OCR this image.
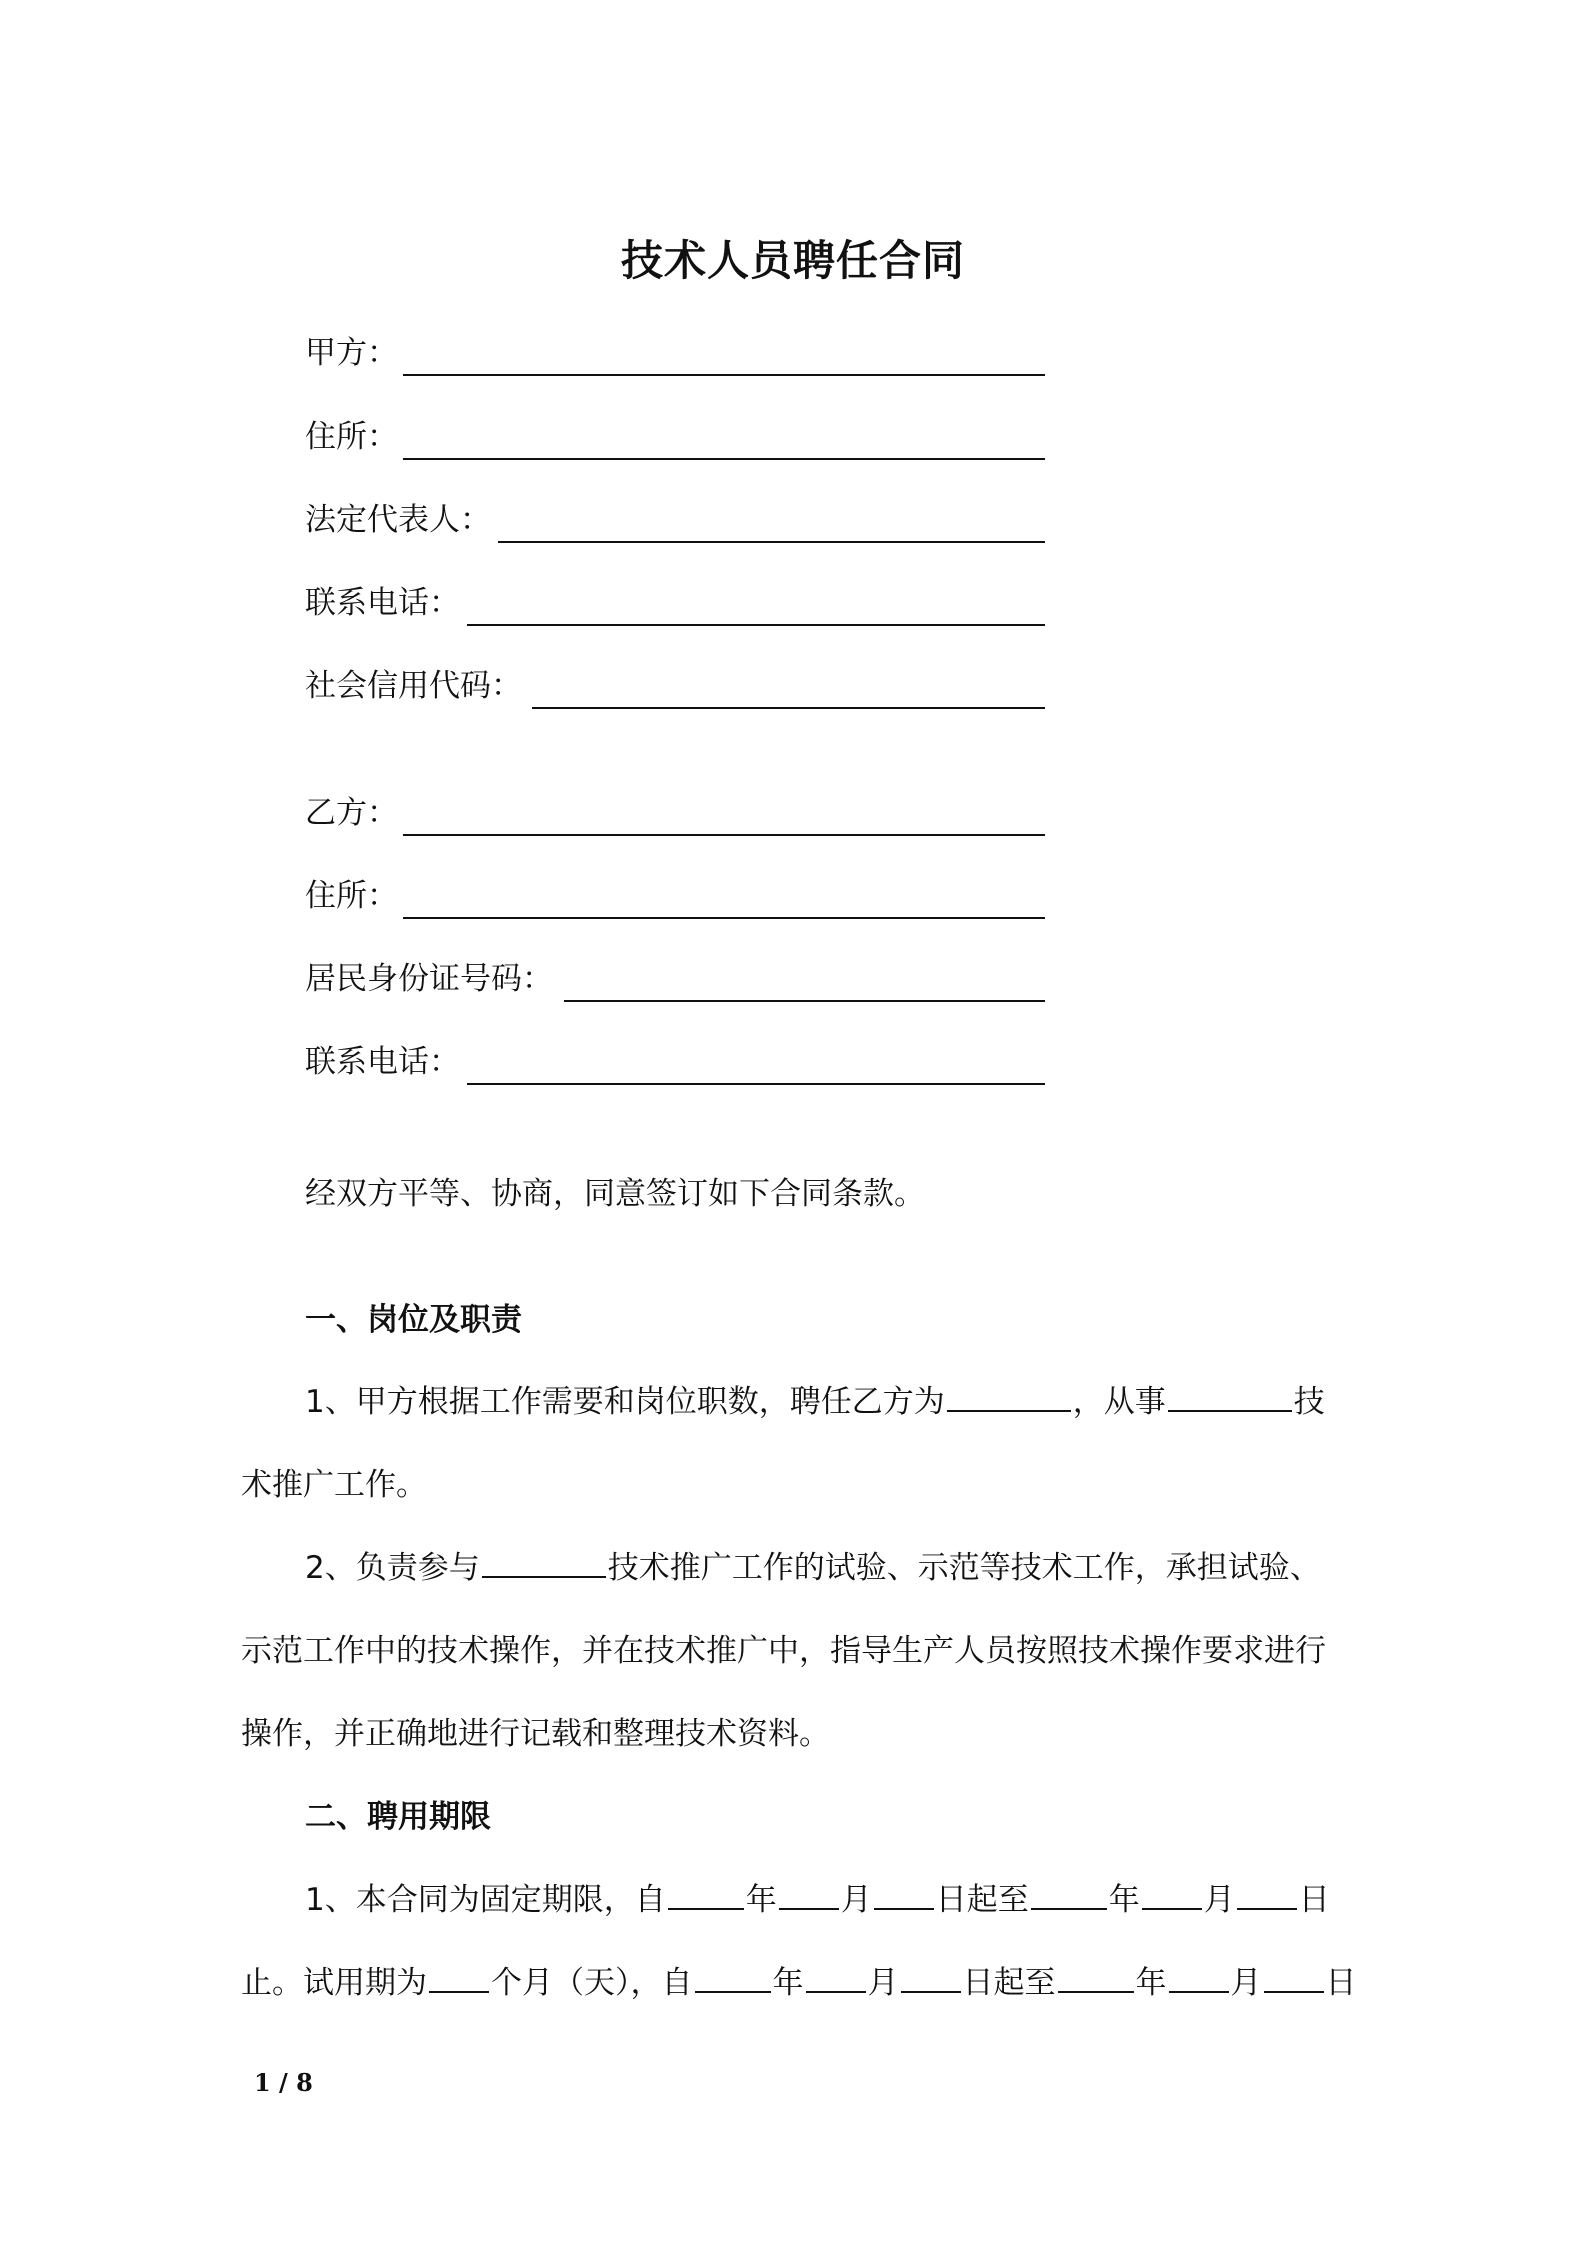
技术人员聘任合同
甲方：
住所：
法定代表人：
联系电话：
社会信用代码：
乙方：
住所：
居民身份证号码：
联系电话：
经双方平等、协商，同意签订如下合同条款。
一、岗位及职责
1、甲方根据工作需要和岗位职数，聘任乙方为	，从事	技
术推广工作。
2、负责参与	技术推广工作的试验、示范等技术工作，承担试验、
示范工作中的技术操作，并在技术推广中，指导生产人员按照技术操作要求进行
操作，并正确地进行记载和整理技术资料。
二、聘用期限
1、本合同为固定期限，自	年 月 日起至	年 月 日
止。试用期为 个月（天），自	年 月 日起至	年 月 日
1 / 8
